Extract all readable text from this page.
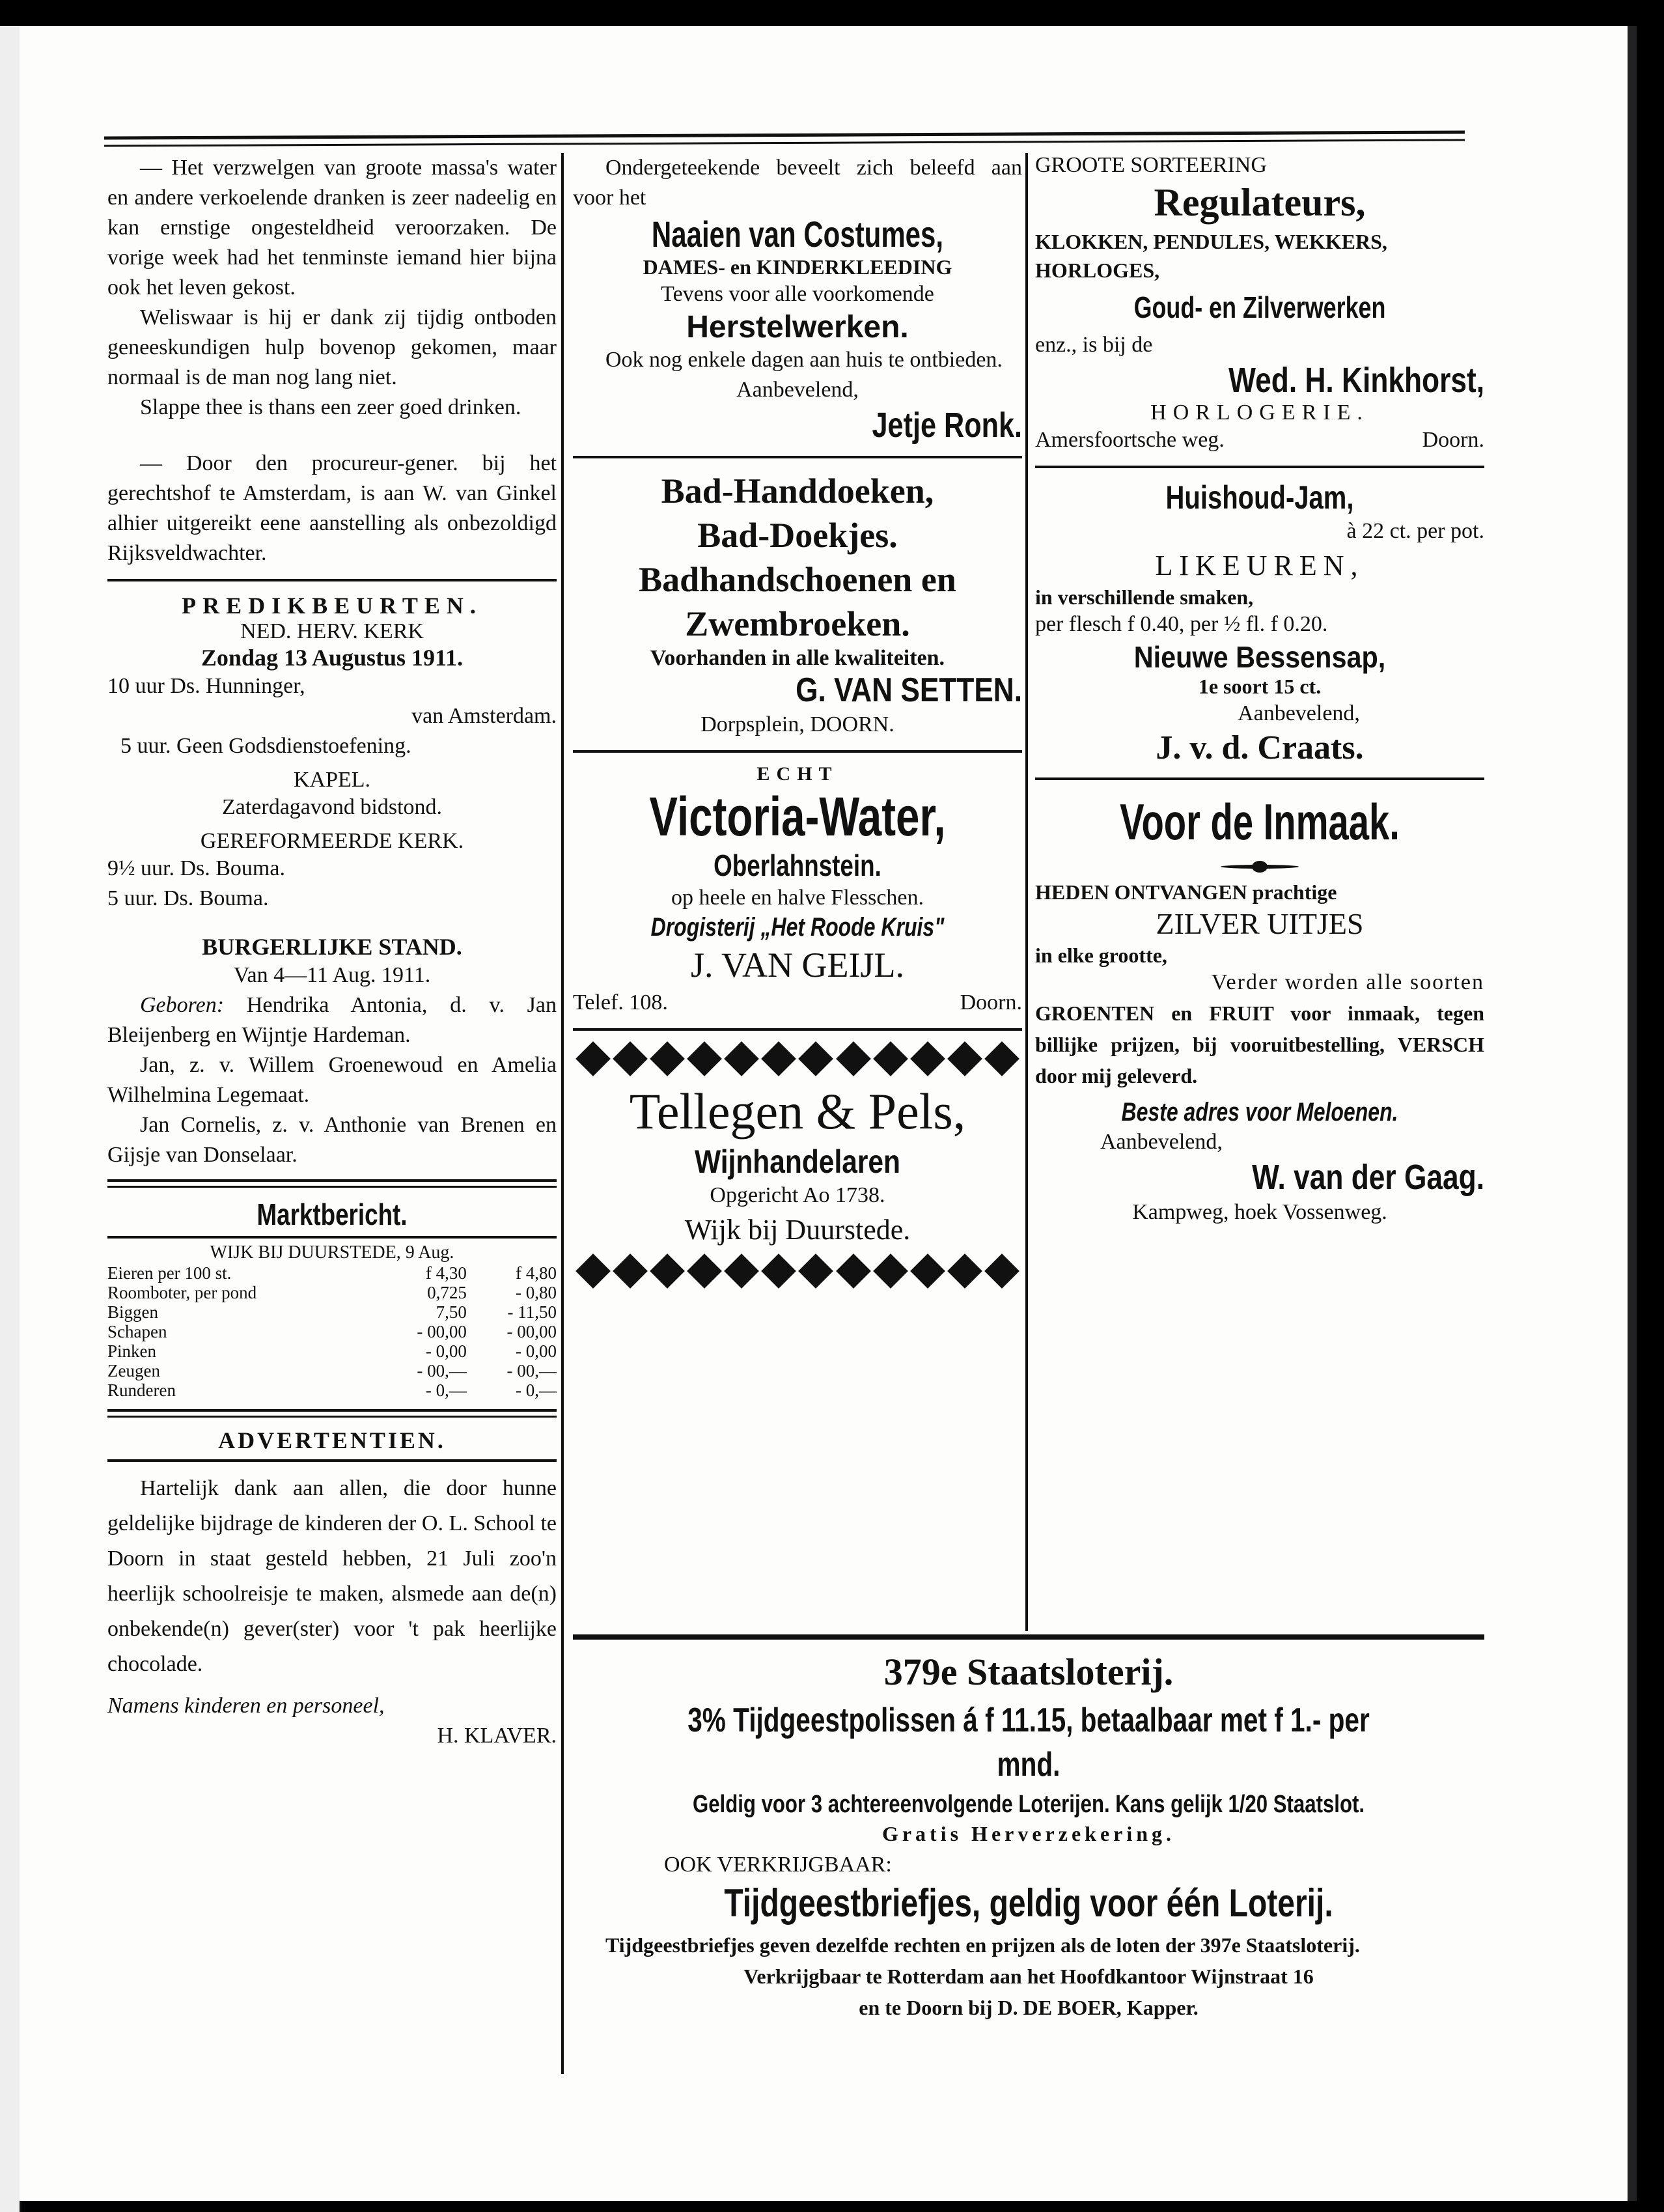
— Het verzwelgen van groote massa's water en andere verkoelende dranken is zeer nadeelig en kan ernstige ongesteldheid veroorzaken. De vorige week had het tenminste iemand hier bijna ook het leven gekost.

Weliswaar is hij er dank zij tijdig ontboden geneeskundigen hulp bovenop gekomen, maar normaal is de man nog lang niet.

Slappe thee is thans een zeer goed drinken.

— Door den procureur-gener. bij het gerechtshof te Amsterdam, is aan W. van Ginkel alhier uitgereikt eene aanstelling als onbezoldigd Rijksveldwachter.

PREDIKBEURTEN.

NED. HERV. KERK

Zondag 13 Augustus 1911.

10 uur Ds. Hunninger,

van Amsterdam.

5 uur. Geen Godsdienstoefening.

KAPEL.

Zaterdagavond bidstond.

GEREFORMEERDE KERK.

9½ uur. Ds. Bouma.

5 uur. Ds. Bouma.

BURGERLIJKE STAND.

Van 4—11 Aug. 1911.

Geboren: Hendrika Antonia, d. v. Jan Bleijenberg en Wijntje Hardeman.

Jan, z. v. Willem Groenewoud en Amelia Wilhelmina Legemaat.

Jan Cornelis, z. v. Anthonie van Brenen en Gijsje van Donselaar.

Marktbericht.

WIJK BIJ DUURSTEDE, 9 Aug.

Eieren per 100 st.	f 4,30	f 4,80
Roomboter, per pond	0,725	- 0,80
Biggen	7,50	- 11,50
Schapen	- 00,00	- 00,00
Pinken	- 0,00	- 0,00
Zeugen	- 00,—	- 00,—
Runderen	- 0,—	- 0,—

ADVERTENTIEN.

Hartelijk dank aan allen, die door hunne geldelijke bijdrage de kinderen der O. L. School te Doorn in staat gesteld hebben, 21 Juli zoo'n heerlijk schoolreisje te maken, alsmede aan de(n) onbekende(n) gever(ster) voor 't pak heerlijke chocolade.

Namens kinderen en personeel,

H. KLAVER.

Ondergeteekende beveelt zich beleefd aan voor het

Naaien van Costumes,

DAMES- en KINDERKLEEDING

Tevens voor alle voorkomende

Herstelwerken.

Ook nog enkele dagen aan huis te ontbieden.

Aanbevelend,

Jetje Ronk.

Bad-Handdoeken,

Bad-Doekjes.

Badhandschoenen en

Zwembroeken.

Voorhanden in alle kwaliteiten.

G. VAN SETTEN.

Dorpsplein, DOORN.

ECHT

Victoria-Water,

Oberlahnstein.

op heele en halve Flesschen.

Drogisterij „Het Roode Kruis"

J. VAN GEIJL.

Telef. 108.	Doorn.

Tellegen & Pels,

Wijnhandelaren

Opgericht Ao 1738.

Wijk bij Duurstede.

GROOTE SORTEERING

Regulateurs,

KLOKKEN, PENDULES, WEKKERS, HORLOGES,

Goud- en Zilverwerken

enz., is bij de

Wed. H. Kinkhorst,

HORLOGERIE.

Amersfoortsche weg.	Doorn.

Huishoud-Jam,

à 22 ct. per pot.

LIKEUREN,

in verschillende smaken,

per flesch f 0.40, per ½ fl. f 0.20.

Nieuwe Bessensap,

1e soort 15 ct.

Aanbevelend,

J. v. d. Craats.

Voor de Inmaak.

HEDEN ONTVANGEN prachtige

ZILVER UITJES

in elke grootte,

Verder worden alle soorten

GROENTEN en FRUIT voor inmaak, tegen billijke prijzen, bij vooruitbestelling, VERSCH door mij geleverd.

Beste adres voor Meloenen.

Aanbevelend,

W. van der Gaag.

Kampweg, hoek Vossenweg.

379e Staatsloterij.

3% Tijdgeestpolissen á f 11.15, betaalbaar met f 1.- per mnd.

Geldig voor 3 achtereenvolgende Loterijen. Kans gelijk 1/20 Staatslot.

Gratis Herverzekering.

OOK VERKRIJGBAAR:

Tijdgeestbriefjes, geldig voor één Loterij.

Tijdgeestbriefjes geven dezelfde rechten en prijzen als de loten der 397e Staatsloterij.

Verkrijgbaar te Rotterdam aan het Hoofdkantoor Wijnstraat 16

en te Doorn bij D. DE BOER, Kapper.
